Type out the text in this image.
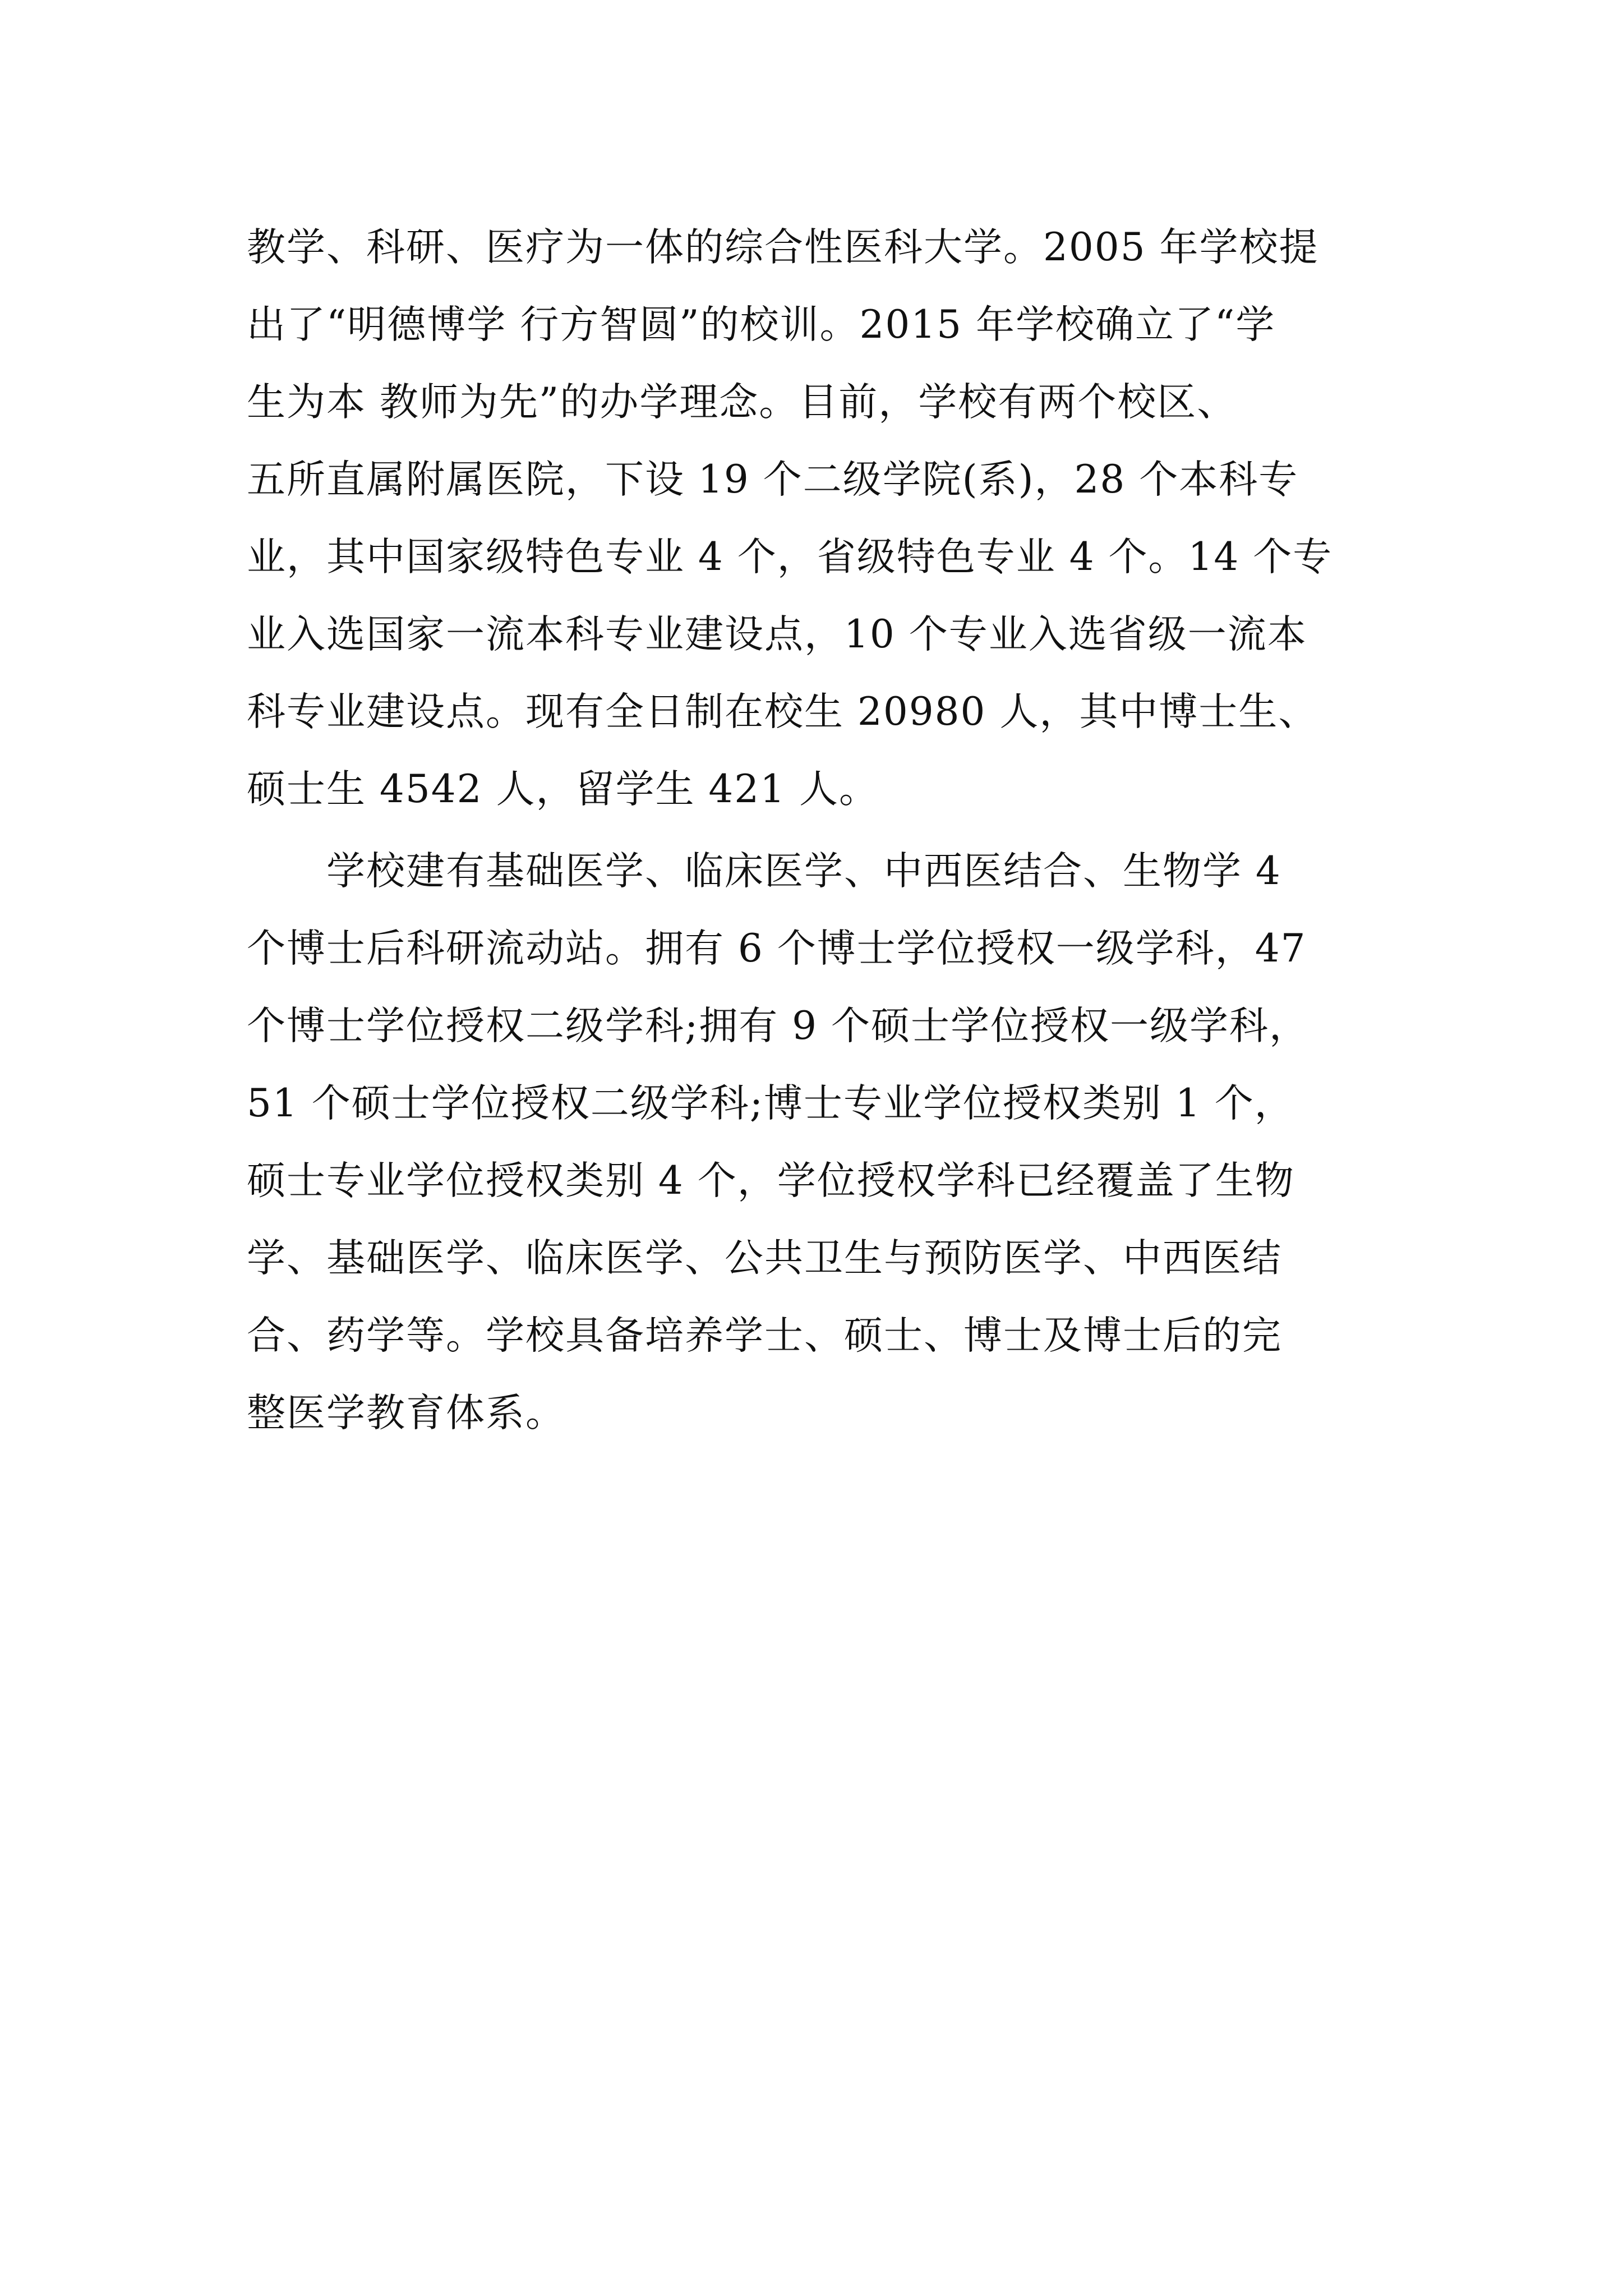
教学、科研、医疗为一体的综合性医科大学。2005 年学校提
出了“明德博学 行方智圆”的校训。2015 年学校确立了“学
生为本 教师为先”的办学理念。目前，学校有两个校区、
五所直属附属医院，下设 19 个二级学院(系)，28 个本科专
业，其中国家级特色专业 4 个，省级特色专业 4 个。14 个专
业入选国家一流本科专业建设点，10 个专业入选省级一流本
科专业建设点。现有全日制在校生 20980 人，其中博士生、
硕士生 4542 人，留学生 421 人。
　　学校建有基础医学、临床医学、中西医结合、生物学 4
个博士后科研流动站。拥有 6 个博士学位授权一级学科，47
个博士学位授权二级学科;拥有 9 个硕士学位授权一级学科，
51 个硕士学位授权二级学科;博士专业学位授权类别 1 个，
硕士专业学位授权类别 4 个，学位授权学科已经覆盖了生物
学、基础医学、临床医学、公共卫生与预防医学、中西医结
合、药学等。学校具备培养学士、硕士、博士及博士后的完
整医学教育体系。
